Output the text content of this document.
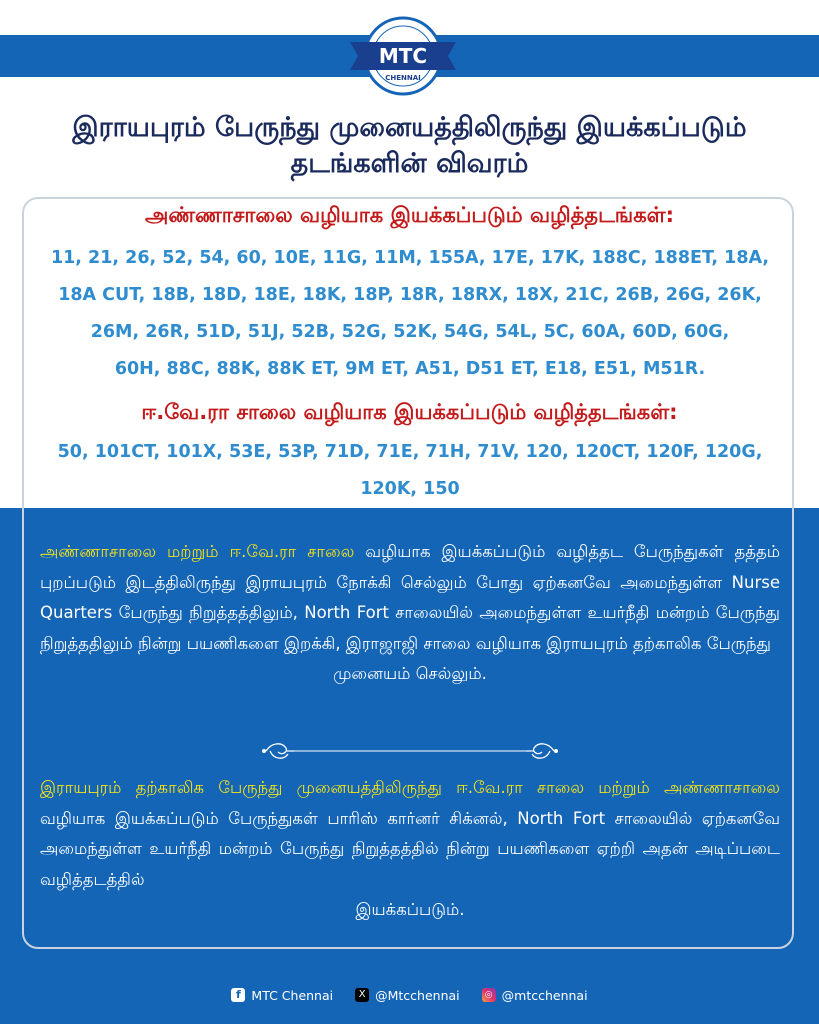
MTC
CHENNAI
இராயபுரம் பேருந்து முனையத்திலிருந்து இயக்கப்படும்
தடங்களின் விவரம்
அண்ணாசாலை வழியாக இயக்கப்படும் வழித்தடங்கள்:
11, 21, 26, 52, 54, 60, 10E, 11G, 11M, 155A, 17E, 17K, 188C, 188ET, 18A,
18A CUT, 18B, 18D, 18E, 18K, 18P, 18R, 18RX, 18X, 21C, 26B, 26G, 26K,
26M, 26R, 51D, 51J, 52B, 52G, 52K, 54G, 54L, 5C, 60A, 60D, 60G,
60H, 88C, 88K, 88K ET, 9M ET, A51, D51 ET, E18, E51, M51R.
ஈ.வே.ரா சாலை வழியாக இயக்கப்படும் வழித்தடங்கள்:
50, 101CT, 101X, 53E, 53P, 71D, 71E, 71H, 71V, 120, 120CT, 120F, 120G,
120K, 150
அண்ணாசாலை மற்றும் ஈ.வே.ரா சாலை வழியாக இயக்கப்படும் வழித்தட பேருந்துகள் தத்தம் புறப்படும் இடத்திலிருந்து இராயபுரம் நோக்கி செல்லும் போது ஏற்கனவே அமைந்துள்ள Nurse Quarters பேருந்து நிறுத்தத்திலும், North Fort சாலையில் அமைந்துள்ள உயர்நீதி மன்றம் பேருந்து நிறுத்ததிலும் நின்று பயணிகளை இறக்கி, இராஜாஜி சாலை வழியாக இராயபுரம் தற்காலிக பேருந்து
முனையம் செல்லும்.
இராயபுரம் தற்காலிக பேருந்து முனையத்திலிருந்து ஈ.வே.ரா சாலை மற்றும் அண்ணாசாலை வழியாக இயக்கப்படும் பேருந்துகள் பாரிஸ் கார்னர் சிக்னல், North Fort சாலையில் ஏற்கனவே அமைந்துள்ள உயர்நீதி மன்றம் பேருந்து நிறுத்தத்தில் நின்று பயணிகளை ஏற்றி அதன் அடிப்படை வழித்தடத்தில்
இயக்கப்படும்.
f MTC Chennai	X @Mtcchennai	◎ @mtcchennai
